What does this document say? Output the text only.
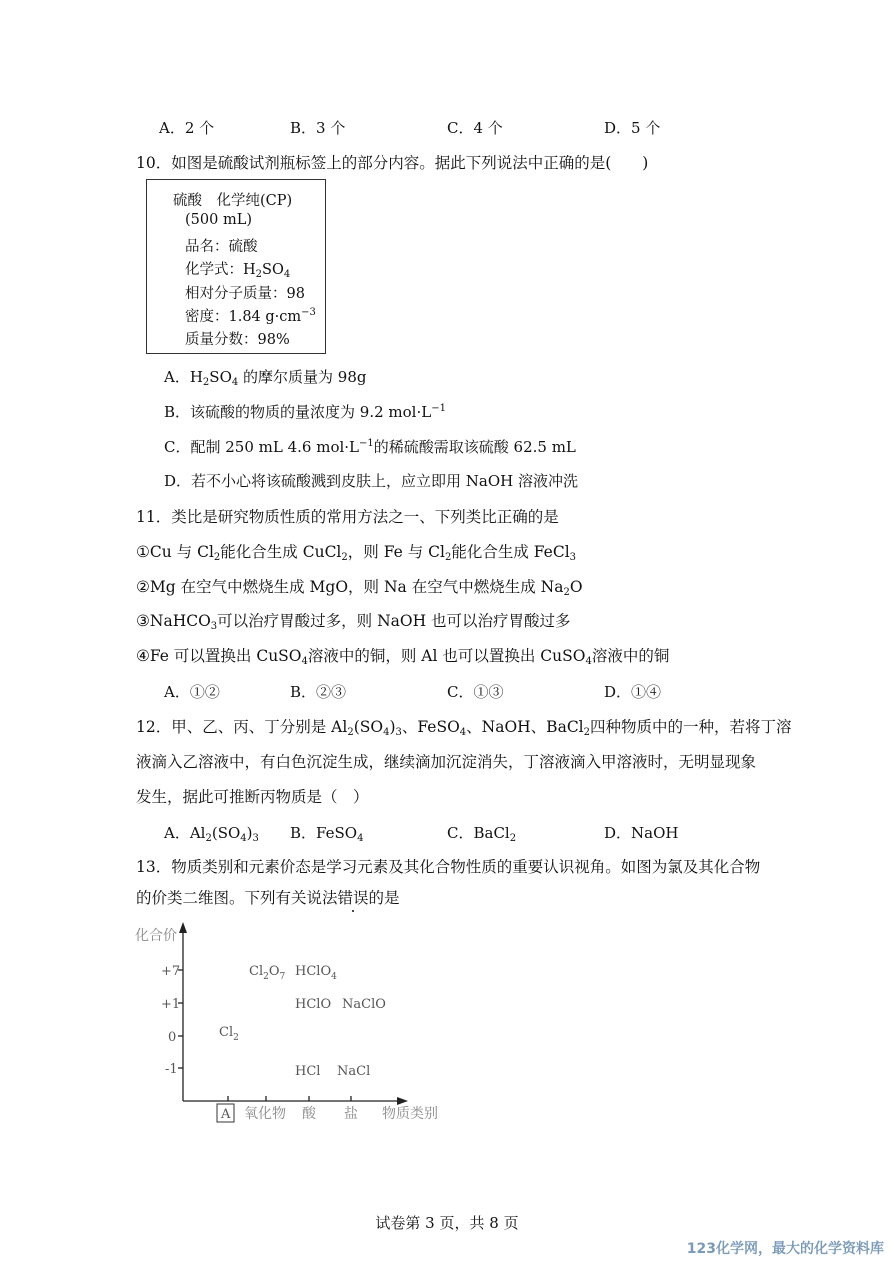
A．2 个	B．3 个	C．4 个	D．5 个
10．如图是硫酸试剂瓶标签上的部分内容。据此下列说法中正确的是(　　)
硫酸　化学纯(CP)
(500 mL)
品名：硫酸
化学式：$H_2SO_4$
相对分子质量：98
密度：1.84 $g\cdot cm^{-3}$
质量分数：98%
A．$H_2SO_4$ 的摩尔质量为 98g
B．该硫酸的物质的量浓度为 9.2 $mol\cdot L^{-1}$
C．配制 250 mL 4.6 $mol\cdot L^{-1}$的稀硫酸需取该硫酸 62.5 mL
D．若不小心将该硫酸溅到皮肤上，应立即用 NaOH 溶液冲洗
11．类比是研究物质性质的常用方法之一、下列类比正确的是
①Cu 与 $Cl_2$能化合生成 CuCl$_2$，则 Fe 与 $Cl_2$能化合生成 FeCl$_3$
②Mg 在空气中燃烧生成 MgO，则 Na 在空气中燃烧生成 $Na_2O$
③NaHCO$_3$可以治疗胃酸过多，则 NaOH 也可以治疗胃酸过多
④Fe 可以置换出 CuSO$_4$溶液中的铜，则 Al 也可以置换出 CuSO$_4$溶液中的铜
A．①②	B．②③	C．①③	D．①④
12．甲、乙、丙、丁分别是 $Al_2(SO_4)_3$、FeSO$_4$、NaOH、BaCl$_2$四种物质中的一种，若将丁溶
液滴入乙溶液中，有白色沉淀生成，继续滴加沉淀消失，丁溶液滴入甲溶液时，无明显现象
发生，据此可推断丙物质是（　）
A．$Al_2(SO_4)_3$ B．FeSO$_4$	C．BaCl$_2$	D．NaOH
13．物质类别和元素价态是学习元素及其化合物性质的重要认识视角。如图为氯及其化合物
的价类二维图。下列有关说法错误的是
化合价
+7
+1
0
-1
A 氧化物 酸 盐 物质类别
$Cl_2O_7$ HClO$_4$
HClO NaClO
$Cl_2$
HCl NaCl
试卷第 3 页，共 8 页
123化学网，最大的化学资料库
